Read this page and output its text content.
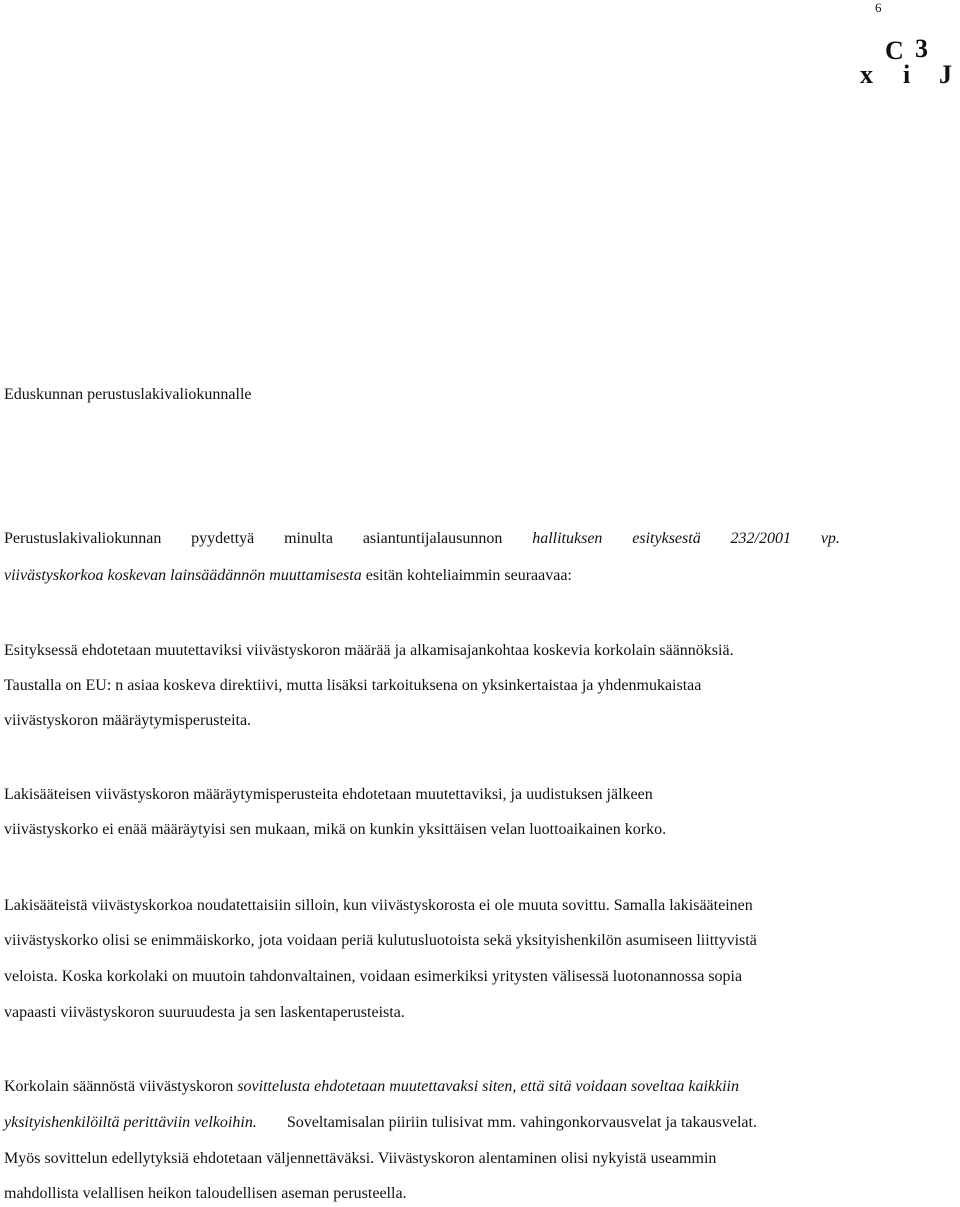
6
C 3
x i J
Eduskunnan perustuslakivaliokunnalle
Perustuslakivaliokunnan pyydettyä minulta asiantuntijalausunnon hallituksen esityksestä 232/2001 vp.
viivästyskorkoa koskevan lainsäädännön muuttamisesta esitän kohteliaimmin seuraavaa:
Esityksessä ehdotetaan muutettaviksi viivästyskoron määrää ja alkamisajankohtaa koskevia korkolain säännöksiä.
Taustalla on EU: n asiaa koskeva direktiivi, mutta lisäksi tarkoituksena on yksinkertaistaa ja yhdenmukaistaa
viivästyskoron määräytymisperusteita.
Lakisääteisen viivästyskoron määräytymisperusteita ehdotetaan muutettaviksi, ja uudistuksen jälkeen
viivästyskorko ei enää määräytyisi sen mukaan, mikä on kunkin yksittäisen velan luottoaikainen korko.
Lakisääteistä viivästyskorkoa noudatettaisiin silloin, kun viivästyskorosta ei ole muuta sovittu. Samalla lakisääteinen
viivästyskorko olisi se enimmäiskorko, jota voidaan periä kulutusluotoista sekä yksityishenkilön asumiseen liittyvistä
veloista. Koska korkolaki on muutoin tahdonvaltainen, voidaan esimerkiksi yritysten välisessä luotonannossa sopia
vapaasti viivästyskoron suuruudesta ja sen laskentaperusteista.
Korkolain säännöstä viivästyskoron sovittelusta ehdotetaan muutettavaksi siten, että sitä voidaan soveltaa kaikkiin
yksityishenkilöiltä perittäviin velkoihin. Soveltamisalan piiriin tulisivat mm. vahingonkorvausvelat ja takausvelat.
Myös sovittelun edellytyksiä ehdotetaan väljennettäväksi. Viivästyskoron alentaminen olisi nykyistä useammin
mahdollista velallisen heikon taloudellisen aseman perusteella.
